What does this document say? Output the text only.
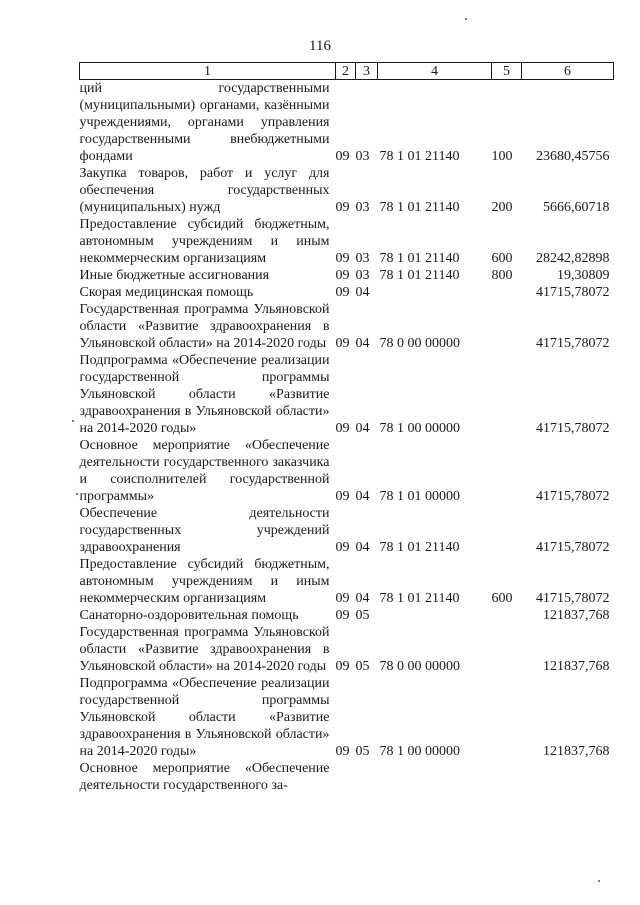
116
1	2	3	4	5	6
ций государственными (муниципальными) органами, казёнными учреждениями, органами управления государственными внебюджетными фондами	09	03	78 1 01 21140	100	23680,45756
Закупка товаров, работ и услуг для обеспечения государственных (муниципальных) нужд	09	03	78 1 01 21140	200	5666,60718
Предоставление субсидий бюджетным, автономным учреждениям и иным некоммерческим организациям	09	03	78 1 01 21140	600	28242,82898
Иные бюджетные ассигнования	09	03	78 1 01 21140	800	19,30809
Скорая медицинская помощь	09	04			41715,78072
Государственная программа Ульяновской области «Развитие здравоохранения в Ульяновской области» на 2014-2020 годы	09	04	78 0 00 00000		41715,78072
Подпрограмма «Обеспечение реализации государственной программы Ульяновской области «Развитие здравоохранения в Ульяновской области» на 2014-2020 годы»	09	04	78 1 00 00000		41715,78072
Основное мероприятие «Обеспечение деятельности государственного заказчика и соисполнителей государственной программы»	09	04	78 1 01 00000		41715,78072
Обеспечение деятельности государственных учреждений здравоохранения	09	04	78 1 01 21140		41715,78072
Предоставление субсидий бюджетным, автономным учреждениям и иным некоммерческим организациям	09	04	78 1 01 21140	600	41715,78072
Санаторно-оздоровительная помощь	09	05			121837,768
Государственная программа Ульяновской области «Развитие здравоохранения в Ульяновской области» на 2014-2020 годы	09	05	78 0 00 00000		121837,768
Подпрограмма «Обеспечение реализации государственной программы Ульяновской области «Развитие здравоохранения в Ульяновской области» на 2014-2020 годы»	09	05	78 1 00 00000		121837,768
Основное мероприятие «Обеспечение деятельности государственного за-					
